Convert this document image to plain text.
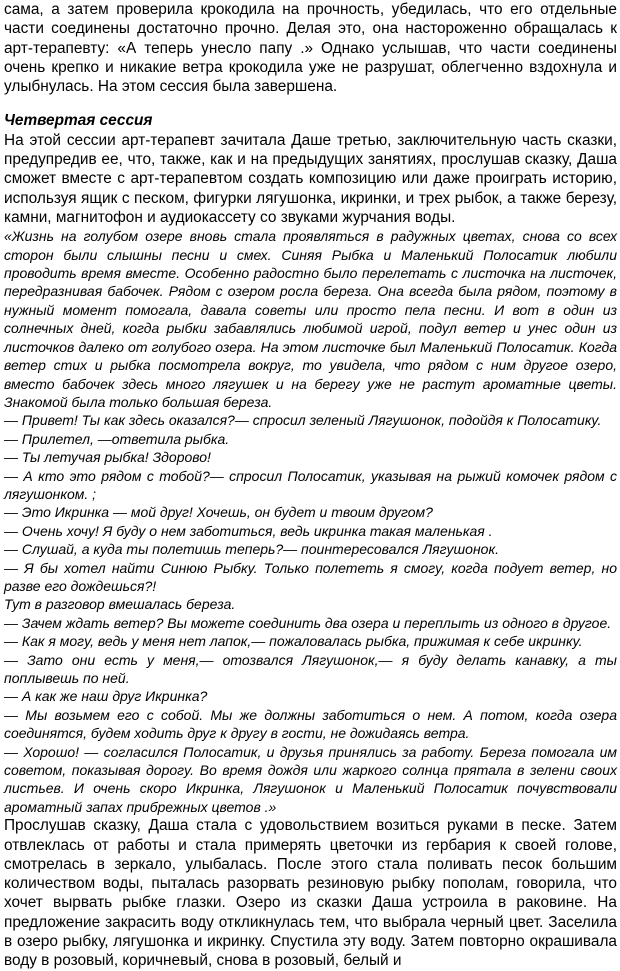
сама, а затем проверила крокодила на прочность, убедилась, что его отдельные части соединены достаточно прочно. Делая это, она настороженно обращалась к арт-терапевту: «А теперь унесло папу .» Однако услышав, что части соединены очень крепко и никакие ветра крокодила уже не разрушат, облегченно вздохнула и улыбнулась. На этом сессия была завершена.

Четвертая сессия

На этой сессии арт-терапевт зачитала Даше третью, заключительную часть сказки, предупредив ее, что, также, как и на предыдущих занятиях, прослушав сказку, Даша сможет вместе с арт-терапевтом создать композицию или даже проиграть историю, используя ящик с песком, фигурки лягушонка, икринки, и трех рыбок, а также березу, камни, магнитофон и аудиокассету со звуками журчания воды.

«Жизнь на голубом озере вновь стала проявляться в радужных цветах, снова со всех сторон были слышны песни и смех. Синяя Рыбка и Маленький Полосатик любили проводить время вместе. Особенно радостно было перелетать с листочка на листочек, передразнивая бабочек. Рядом с озером росла береза. Она всегда была рядом, поэтому в нужный момент помогала, давала советы или просто пела песни. И вот в один из солнечных дней, когда рыбки забавлялись любимой игрой, подул ветер и унес один из листочков далеко от голубого озера. На этом листочке был Маленький Полосатик. Когда ветер стих и рыбка посмотрела вокруг, то увидела, что рядом с ним другое озеро, вместо бабочек здесь много лягушек и на берегу уже не растут ароматные цветы. Знакомой была только большая береза.

— Привет! Ты как здесь оказался?— спросил зеленый Лягушонок, подойдя к Полосатику.

— Прилетел, —ответила рыбка.

— Ты летучая рыбка! Здорово!

— А кто это рядом с тобой?— спросил Полосатик, указывая на рыжий комочек рядом с лягушонком. ;

— Это Икринка — мой друг! Хочешь, он будет и твоим другом?

— Очень хочу! Я буду о нем заботиться, ведь икринка такая маленькая .

— Слушай, а куда ты полетишь теперь?— поинтересовался Лягушонок.

— Я бы хотел найти Синюю Рыбку. Только полететь я смогу, когда подует ветер, но разве его дождешься?!

Тут в разговор вмешалась береза.

— Зачем ждать ветер? Вы можете соединить два озера и переплыть из одного в другое.

— Как я могу, ведь у меня нет лапок,— пожаловалась рыбка, прижимая к себе икринку.

— Зато они есть у меня,— отозвался Лягушонок,— я буду делать канавку, а ты поплывешь по ней.

— А как же наш друг Икринка?

— Мы возьмем его с собой. Мы же должны заботиться о нем. А потом, когда озера соединятся, будем ходить друг к другу в гости, не дожидаясь ветра.

— Хорошо! — согласился Полосатик, и друзья принялись за работу. Береза помогала им советом, показывая дорогу. Во время дождя или жаркого солнца прятала в зелени своих листьев. И очень скоро Икринка, Лягушонок и Маленький Полосатик почувствовали ароматный запах прибрежных цветов .»

Прослушав сказку, Даша стала с удовольствием возиться руками в песке. Затем отвлеклась от работы и стала примерять цветочки из гербария к своей голове, смотрелась в зеркало, улыбалась. После этого стала поливать песок большим количеством воды, пыталась разорвать резиновую рыбку пополам, говорила, что хочет вырвать рыбке глазки. Озеро из сказки Даша устроила в раковине. На предложение закрасить воду откликнулась тем, что выбрала черный цвет. Заселила в озеро рыбку, лягушонка и икринку. Спустила эту воду. Затем повторно окрашивала воду в розовый, коричневый, снова в розовый, белый и
